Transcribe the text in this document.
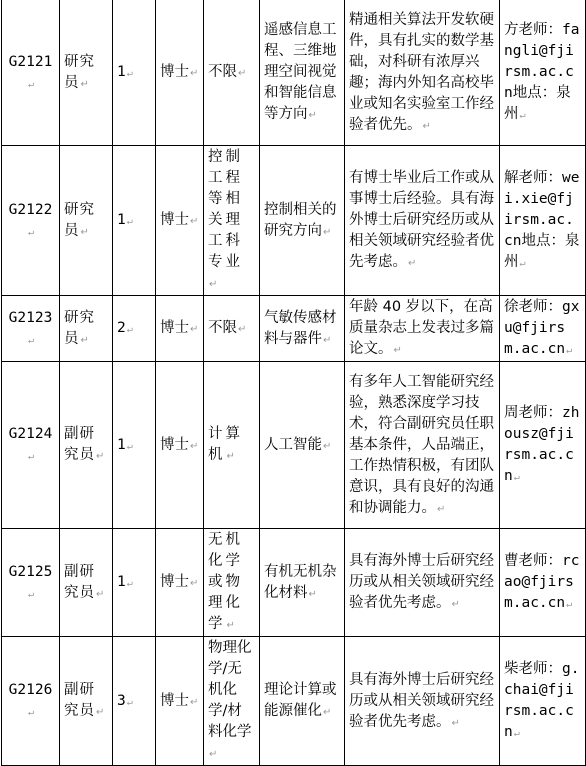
G2121↵	研究员↵	1↵	博士↵	不限↵	遥感信息工程、三维地理空间视觉和智能信息等方向↵	精通相关算法开发软硬件，具有扎实的数学基础，对科研有浓厚兴趣；海内外知名高校毕业或知名实验室工作经验者优先。↵	方老师：fangli@fjirsm.ac.cn地点：泉州↵
G2122↵	研究员↵	1↵	博士↵	控制工程等相关理工科专业↵	控制相关的研究方向↵	有博士毕业后工作或从事博士后经验。具有海外博士后研究经历或从相关领域研究经验者优先考虑。↵	解老师：wei.xie@fjirsm.ac.cn地点：泉州↵
G2123↵	研究员↵	2↵	博士↵	不限↵	气敏传感材料与器件↵	年龄 40 岁以下，在高质量杂志上发表过多篇论文。↵	徐老师：gxu@fjirsm.ac.cn↵
G2124↵	副研究员↵	1↵	博士↵	计算机↵	人工智能↵	有多年人工智能研究经验，熟悉深度学习技术，符合副研究员任职基本条件，人品端正，工作热情积极，有团队意识，具有良好的沟通和协调能力。↵	周老师：zhousz@fjirsm.ac.cn↵
G2125↵	副研究员↵	1↵	博士↵	无机化学或物理化学↵	有机无机杂化材料↵	具有海外博士后研究经历或从相关领域研究经验者优先考虑。↵	曹老师：rcao@fjirsm.ac.cn↵
G2126↵	副研究员↵	3↵	博士↵	物理化学/无机化学/材料化学↵	理论计算或能源催化↵	具有海外博士后研究经历或从相关领域研究经验者优先考虑。↵	柴老师：g.chai@fjirsm.ac.cn↵
